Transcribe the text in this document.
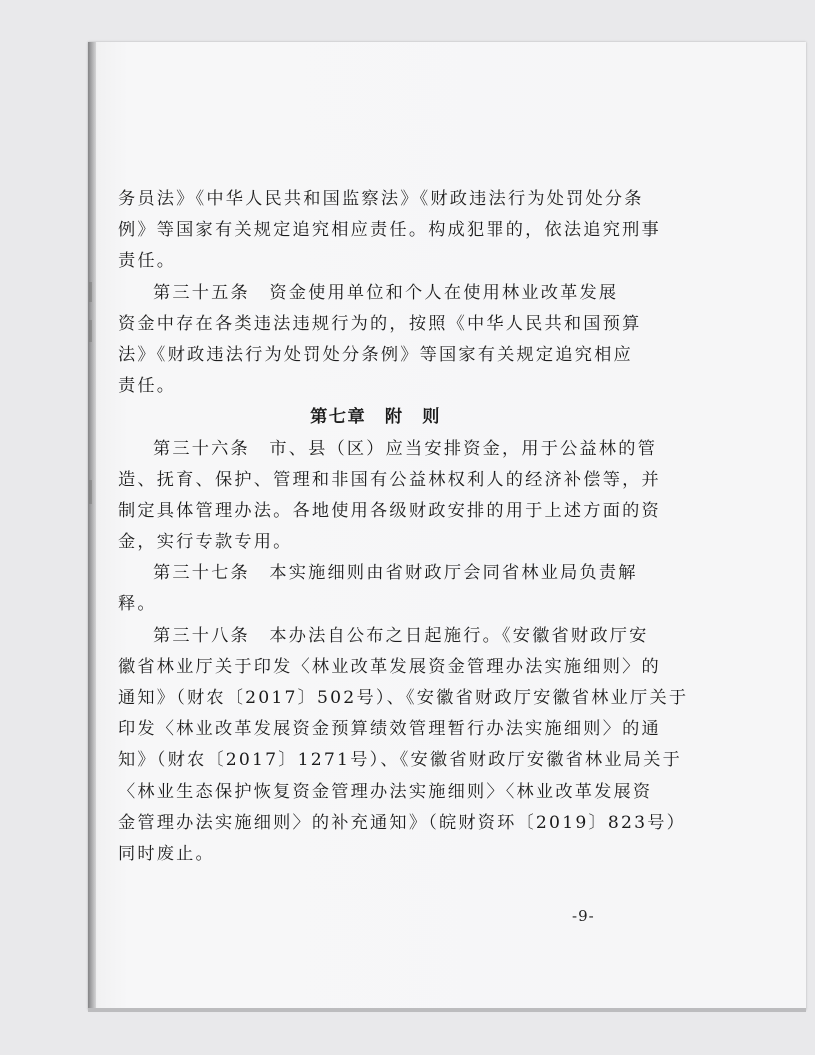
务员法》《中华人民共和国监察法》《财政违法行为处罚处分条
例》等国家有关规定追究相应责任。构成犯罪的，依法追究刑事
责任。
第三十五条　资金使用单位和个人在使用林业改革发展
资金中存在各类违法违规行为的，按照《中华人民共和国预算
法》《财政违法行为处罚处分条例》等国家有关规定追究相应
责任。
第七章　附　则
第三十六条　市、县（区）应当安排资金，用于公益林的管
造、抚育、保护、管理和非国有公益林权利人的经济补偿等，并
制定具体管理办法。各地使用各级财政安排的用于上述方面的资
金，实行专款专用。
第三十七条　本实施细则由省财政厅会同省林业局负责解
释。
第三十八条　本办法自公布之日起施行。《安徽省财政厅安
徽省林业厅关于印发〈林业改革发展资金管理办法实施细则〉的
通知》（财农〔2017〕502号）、《安徽省财政厅安徽省林业厅关于
印发〈林业改革发展资金预算绩效管理暂行办法实施细则〉的通
知》（财农〔2017〕1271号）、《安徽省财政厅安徽省林业局关于
〈林业生态保护恢复资金管理办法实施细则〉〈林业改革发展资
金管理办法实施细则〉的补充通知》（皖财资环〔2019〕823号）
同时废止。
-9-
